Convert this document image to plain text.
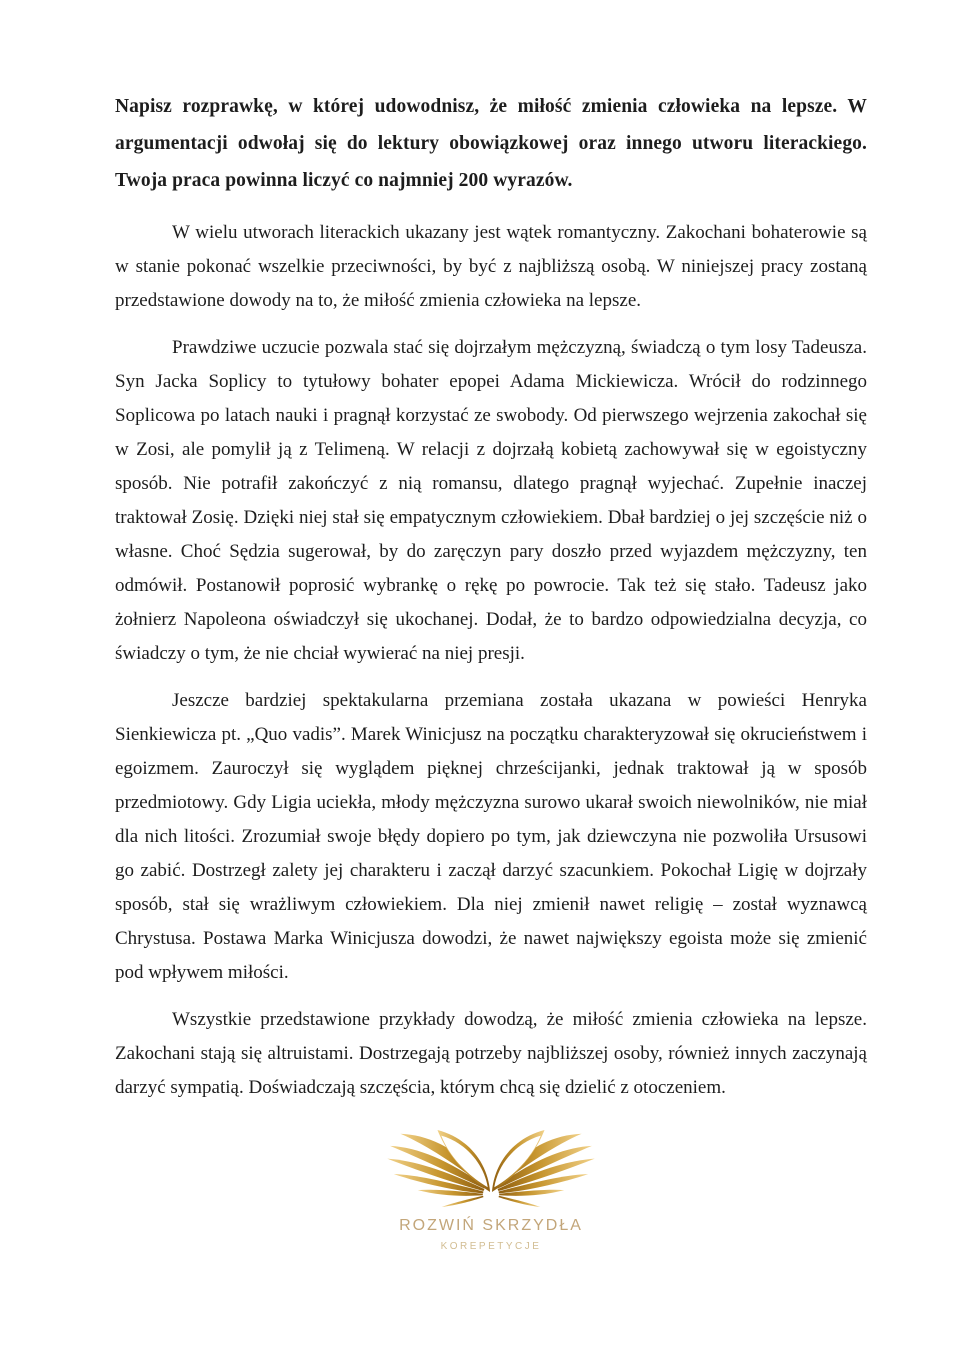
Napisz rozprawkę, w której udowodnisz, że miłość zmienia człowieka na lepsze. W argumentacji odwołaj się do lektury obowiązkowej oraz innego utworu literackiego. Twoja praca powinna liczyć co najmniej 200 wyrazów.

W wielu utworach literackich ukazany jest wątek romantyczny. Zakochani bohaterowie są w stanie pokonać wszelkie przeciwności, by być z najbliższą osobą. W niniejszej pracy zostaną przedstawione dowody na to, że miłość zmienia człowieka na lepsze.

Prawdziwe uczucie pozwala stać się dojrzałym mężczyzną, świadczą o tym losy Tadeusza. Syn Jacka Soplicy to tytułowy bohater epopei Adama Mickiewicza. Wrócił do rodzinnego Soplicowa po latach nauki i pragnął korzystać ze swobody. Od pierwszego wejrzenia zakochał się w Zosi, ale pomylił ją z Telimeną. W relacji z dojrzałą kobietą zachowywał się w egoistyczny sposób. Nie potrafił zakończyć z nią romansu, dlatego pragnął wyjechać. Zupełnie inaczej traktował Zosię. Dzięki niej stał się empatycznym człowiekiem. Dbał bardziej o jej szczęście niż o własne. Choć Sędzia sugerował, by do zaręczyn pary doszło przed wyjazdem mężczyzny, ten odmówił. Postanowił poprosić wybrankę o rękę po powrocie. Tak też się stało. Tadeusz jako żołnierz Napoleona oświadczył się ukochanej. Dodał, że to bardzo odpowiedzialna decyzja, co świadczy o tym, że nie chciał wywierać na niej presji.

Jeszcze bardziej spektakularna przemiana została ukazana w powieści Henryka Sienkiewicza pt. „Quo vadis”. Marek Winicjusz na początku charakteryzował się okrucieństwem i egoizmem. Zauroczył się wyglądem pięknej chrześcijanki, jednak traktował ją w sposób przedmiotowy. Gdy Ligia uciekła, młody mężczyzna surowo ukarał swoich niewolników, nie miał dla nich litości. Zrozumiał swoje błędy dopiero po tym, jak dziewczyna nie pozwoliła Ursusowi go zabić. Dostrzegł zalety jej charakteru i zaczął darzyć szacunkiem. Pokochał Ligię w dojrzały sposób, stał się wrażliwym człowiekiem. Dla niej zmienił nawet religię – został wyznawcą Chrystusa. Postawa Marka Winicjusza dowodzi, że nawet największy egoista może się zmienić pod wpływem miłości.

Wszystkie przedstawione przykłady dowodzą, że miłość zmienia człowieka na lepsze. Zakochani stają się altruistami. Dostrzegają potrzeby najbliższej osoby, również innych zaczynają darzyć sympatią. Doświadczają szczęścia, którym chcą się dzielić z otoczeniem.

ROZWIŃ SKRZYDŁA
KOREPETYCJE
